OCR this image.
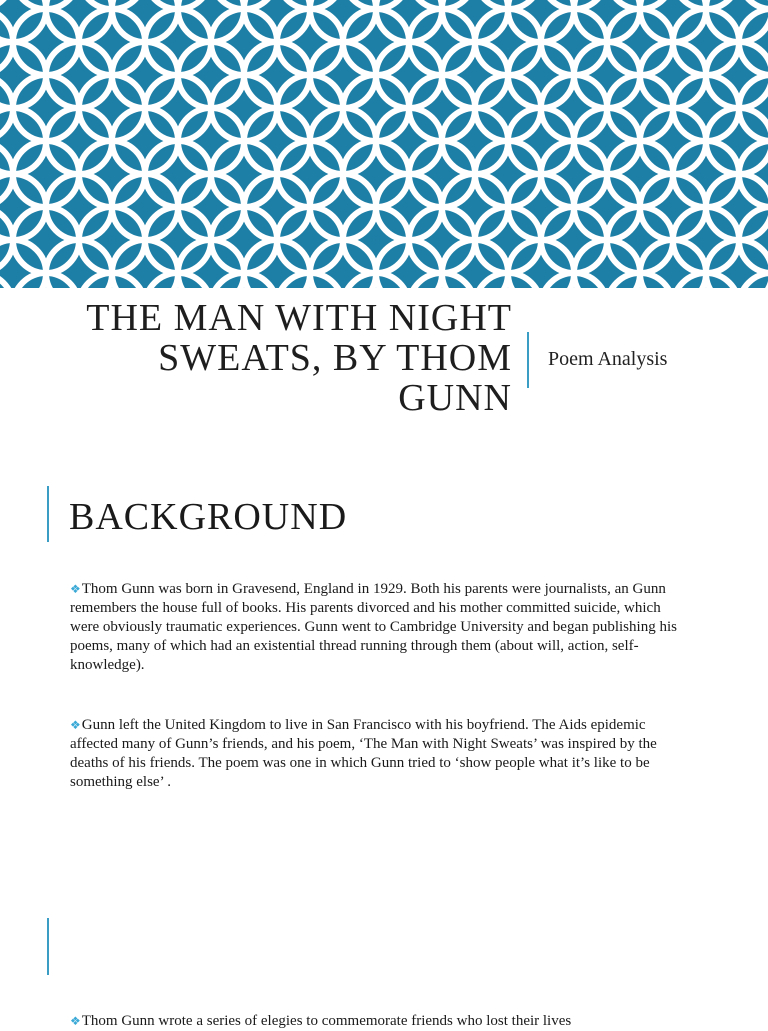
THE MAN WITH NIGHT
SWEATS, BY THOM
GUNN
Poem Analysis
BACKGROUND

❖Thom Gunn was born in Gravesend, England in 1929. Both his parents were journalists, an Gunn remembers the house full of books. His parents divorced and his mother committed suicide, which were obviously traumatic experiences. Gunn went to Cambridge University and began publishing his poems, many of which had an existential thread running through them (about will, action, self-knowledge).

❖Gunn left the United Kingdom to live in San Francisco with his boyfriend. The Aids epidemic affected many of Gunn’s friends, and his poem, ‘The Man with Night Sweats’ was inspired by the deaths of his friends. The poem was one in which Gunn tried to ‘show people what it’s like to be something else’ .

❖Thom Gunn wrote a series of elegies to commemorate friends who lost their lives
